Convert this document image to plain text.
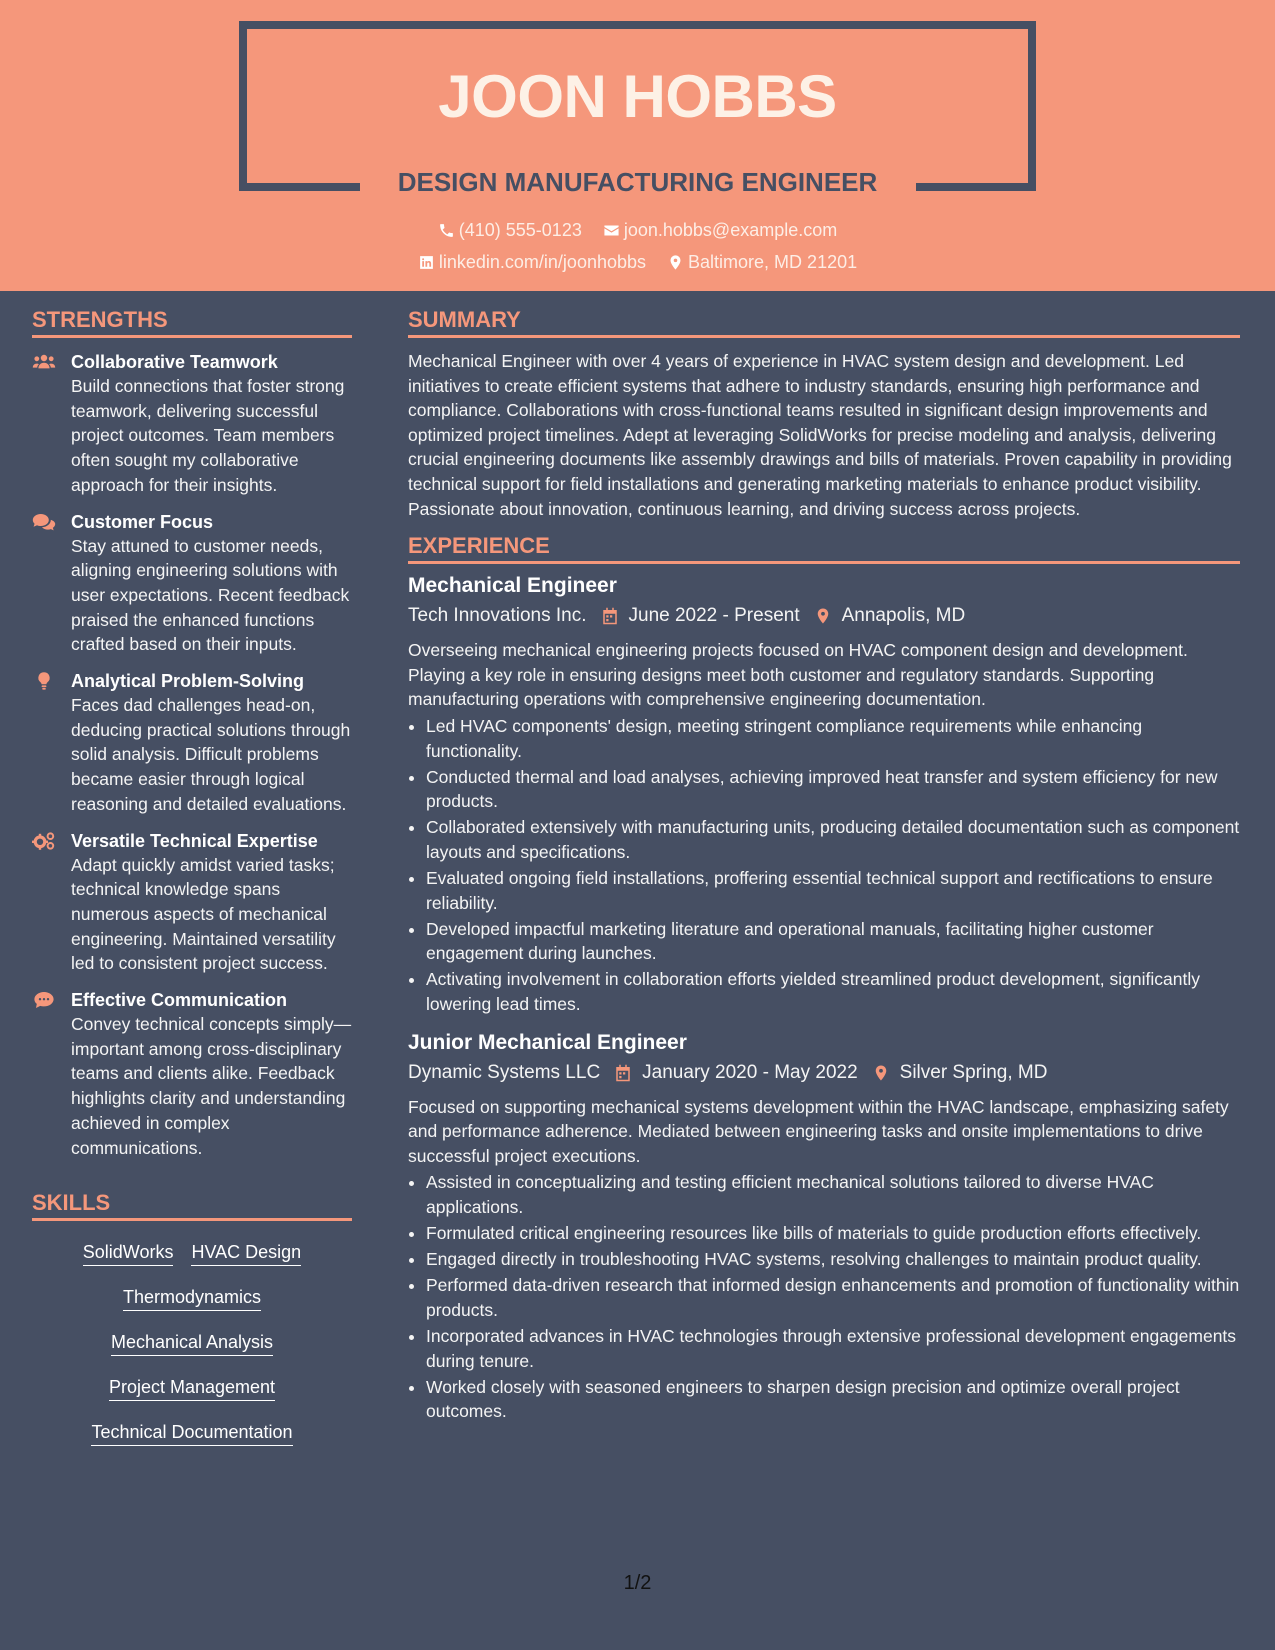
JOON HOBBS
DESIGN MANUFACTURING ENGINEER
(410) 555-0123
joon.hobbs@example.com
linkedin.com/in/joonhobbs
Baltimore, MD 21201
STRENGTHS
Collaborative Teamwork
Build connections that foster strong teamwork, delivering successful project outcomes. Team members often sought my collaborative approach for their insights.
Customer Focus
Stay attuned to customer needs, aligning engineering solutions with user expectations. Recent feedback praised the enhanced functions crafted based on their inputs.
Analytical Problem-Solving
Faces dad challenges head-on, deducing practical solutions through solid analysis. Difficult problems became easier through logical reasoning and detailed evaluations.
Versatile Technical Expertise
Adapt quickly amidst varied tasks; technical knowledge spans numerous aspects of mechanical engineering. Maintained versatility led to consistent project success.
Effective Communication
Convey technical concepts simply—important among cross-disciplinary teams and clients alike. Feedback highlights clarity and understanding achieved in complex communications.
SKILLS
SolidWorks HVAC Design
Thermodynamics
Mechanical Analysis
Project Management
Technical Documentation
SUMMARY
Mechanical Engineer with over 4 years of experience in HVAC system design and development. Led initiatives to create efficient systems that adhere to industry standards, ensuring high performance and compliance. Collaborations with cross-functional teams resulted in significant design improvements and optimized project timelines. Adept at leveraging SolidWorks for precise modeling and analysis, delivering crucial engineering documents like assembly drawings and bills of materials. Proven capability in providing technical support for field installations and generating marketing materials to enhance product visibility. Passionate about innovation, continuous learning, and driving success across projects.
EXPERIENCE
Mechanical Engineer
Tech Innovations Inc. June 2022 - Present Annapolis, MD
Overseeing mechanical engineering projects focused on HVAC component design and development. Playing a key role in ensuring designs meet both customer and regulatory standards. Supporting manufacturing operations with comprehensive engineering documentation.
• Led HVAC components' design, meeting stringent compliance requirements while enhancing functionality.
• Conducted thermal and load analyses, achieving improved heat transfer and system efficiency for new products.
• Collaborated extensively with manufacturing units, producing detailed documentation such as component layouts and specifications.
• Evaluated ongoing field installations, proffering essential technical support and rectifications to ensure reliability.
• Developed impactful marketing literature and operational manuals, facilitating higher customer engagement during launches.
• Activating involvement in collaboration efforts yielded streamlined product development, significantly lowering lead times.
Junior Mechanical Engineer
Dynamic Systems LLC January 2020 - May 2022 Silver Spring, MD
Focused on supporting mechanical systems development within the HVAC landscape, emphasizing safety and performance adherence. Mediated between engineering tasks and onsite implementations to drive successful project executions.
• Assisted in conceptualizing and testing efficient mechanical solutions tailored to diverse HVAC applications.
• Formulated critical engineering resources like bills of materials to guide production efforts effectively.
• Engaged directly in troubleshooting HVAC systems, resolving challenges to maintain product quality.
• Performed data-driven research that informed design enhancements and promotion of functionality within products.
• Incorporated advances in HVAC technologies through extensive professional development engagements during tenure.
• Worked closely with seasoned engineers to sharpen design precision and optimize overall project outcomes.
1/2
